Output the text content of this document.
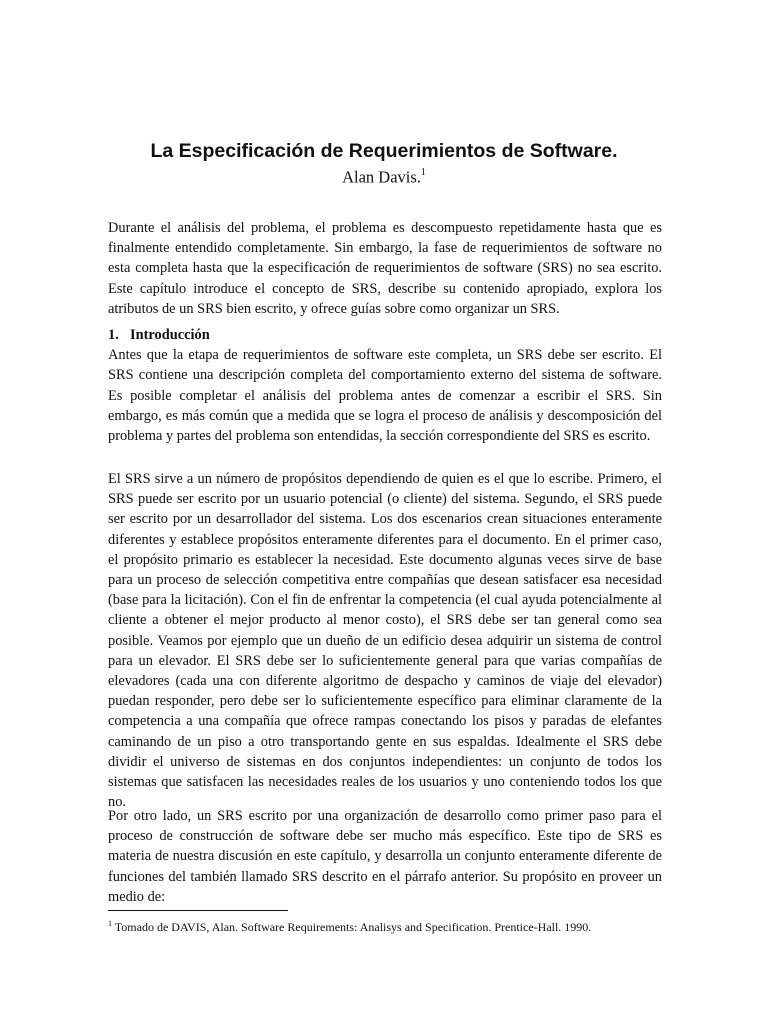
La Especificación de Requerimientos de Software.
Alan Davis.$^1$

Durante el análisis del problema, el problema es descompuesto repetidamente hasta que es finalmente entendido completamente. Sin embargo, la fase de requerimientos de software no esta completa hasta que la especificación de requerimientos de software (SRS) no sea escrito. Este capítulo introduce el concepto de SRS, describe su contenido apropiado, explora los atributos de un SRS bien escrito, y ofrece guías sobre como organizar un SRS.

1. Introducción

Antes que la etapa de requerimientos de software este completa, un SRS debe ser escrito. El SRS contiene una descripción completa del comportamiento externo del sistema de software. Es posible completar el análisis del problema antes de comenzar a escribir el SRS. Sin embargo, es más común que a medida que se logra el proceso de análisis y descomposición del problema y partes del problema son entendidas, la sección correspondiente del SRS es escrito.

El SRS sirve a un número de propósitos dependiendo de quien es el que lo escribe. Primero, el SRS puede ser escrito por un usuario potencial (o cliente) del sistema. Segundo, el SRS puede ser escrito por un desarrollador del sistema. Los dos escenarios crean situaciones enteramente diferentes y establece propósitos enteramente diferentes para el documento. En el primer caso, el propósito primario es establecer la necesidad. Este documento algunas veces sirve de base para un proceso de selección competitiva entre compañías que desean satisfacer esa necesidad (base para la licitación). Con el fin de enfrentar la competencia (el cual ayuda potencialmente al cliente a obtener el mejor producto al menor costo), el SRS debe ser tan general como sea posible. Veamos por ejemplo que un dueño de un edificio desea adquirir un sistema de control para un elevador. El SRS debe ser lo suficientemente general para que varias compañías de elevadores (cada una con diferente algoritmo de despacho y caminos de viaje del elevador) puedan responder, pero debe ser lo suficientemente específico para eliminar claramente de la competencia a una compañía que ofrece rampas conectando los pisos y paradas de elefantes caminando de un piso a otro transportando gente en sus espaldas. Idealmente el SRS debe dividir el universo de sistemas en dos conjuntos independientes: un conjunto de todos los sistemas que satisfacen las necesidades reales de los usuarios y uno conteniendo todos los que no.

Por otro lado, un SRS escrito por una organización de desarrollo como primer paso para el proceso de construcción de software debe ser mucho más específico. Este tipo de SRS es materia de nuestra discusión en este capítulo, y desarrolla un conjunto enteramente diferente de funciones del también llamado SRS descrito en el párrafo anterior. Su propósito en proveer un medio de:

$^1$ Tomado de DAVIS, Alan. Software Requirements: Analisys and Specification. Prentice-Hall. 1990.
